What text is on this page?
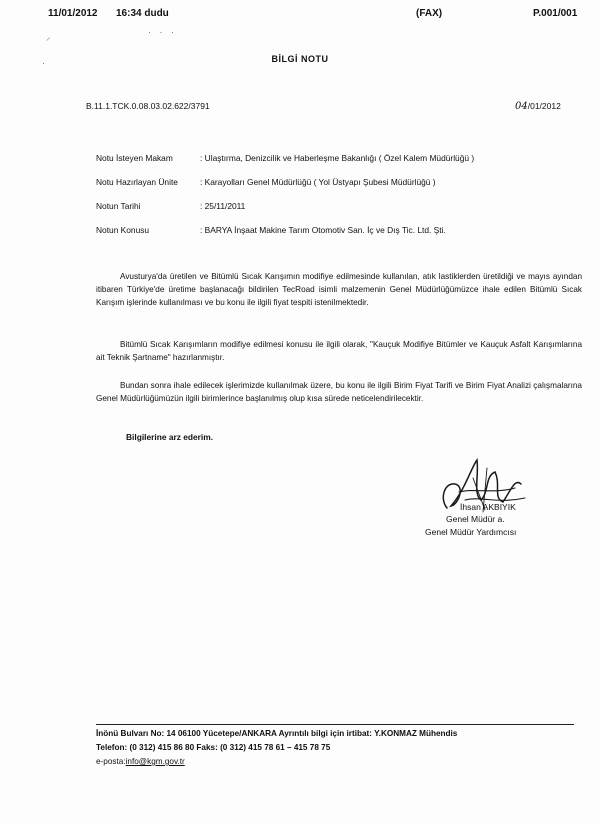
11/01/2012 16:34 dudu	(FAX)	P.001/001
⸝
·
· · ·
BİLGİ NOTU
B.11.1.TCK.0.08.03.02.622/3791	04/01/2012
Notu İsteyen Makam	: Ulaştırma, Denizcilik ve Haberleşme Bakanlığı ( Özel Kalem Müdürlüğü )
Notu Hazırlayan Ünite	: Karayolları Genel Müdürlüğü ( Yol Üstyapı Şubesi Müdürlüğü )
Notun Tarihi	: 25/11/2011
Notun Konusu	: BARYA İnşaat Makine Tarım Otomotiv San. İç ve Dış Tic. Ltd. Şti.

Avusturya'da üretilen ve Bitümlü Sıcak Karışımın modifiye edilmesinde kullanılan, atık lastiklerden üretildiği ve mayıs ayından itibaren Türkiye'de üretime başlanacağı bildirilen TecRoad isimli malzemenin Genel Müdürlüğümüzce ihale edilen Bitümlü Sıcak Karışım işlerinde kullanılması ve bu konu ile ilgili fiyat tespiti istenilmektedir.

Bitümlü Sıcak Karışımların modifiye edilmesi konusu ile ilgili olarak, "Kauçuk Modifiye Bitümler ve Kauçuk Asfalt Karışımlarına ait Teknik Şartname" hazırlanmıştır.

Bundan sonra ihale edilecek işlerimizde kullanılmak üzere, bu konu ile ilgili Birim Fiyat Tarifi ve Birim Fiyat Analizi çalışmalarına Genel Müdürlüğümüzün ilgili birimlerince başlanılmış olup kısa sürede neticelendirilecektir.

Bilgilerine arz ederim.
İhsan AKBIYIK
Genel Müdür a.
Genel Müdür Yardımcısı
İnönü Bulvarı No: 14 06100 Yücetepe/ANKARA Ayrıntılı bilgi için irtibat: Y.KONMAZ Mühendis
Telefon: (0 312) 415 86 80 Faks: (0 312) 415 78 61 – 415 78 75
e-posta:info@kgm.gov.tr
